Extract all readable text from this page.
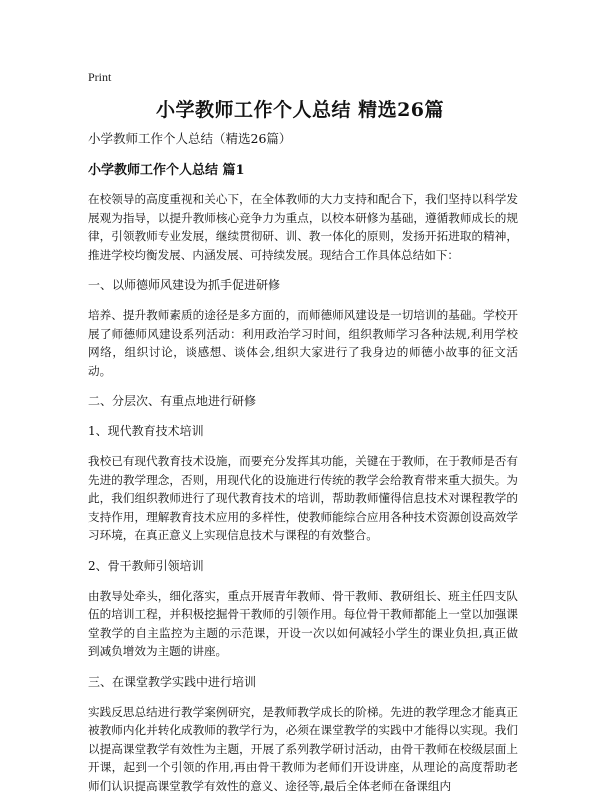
Print
小学教师工作个人总结 精选26篇
小学教师工作个人总结（精选26篇）
小学教师工作个人总结 篇1
在校领导的高度重视和关心下，在全体教师的大力支持和配合下，我们坚持以科学发展观为指导，以提升教师核心竞争力为重点，以校本研修为基础，遵循教师成长的规律，引领教师专业发展，继续贯彻研、训、教一体化的原则，发扬开拓进取的精神，推进学校均衡发展、内涵发展、可持续发展。现结合工作具体总结如下：
一、以师德师风建设为抓手促进研修
培养、提升教师素质的途径是多方面的，而师德师风建设是一切培训的基础。学校开展了师德师风建设系列活动：利用政治学习时间，组织教师学习各种法规,利用学校网络，组织讨论，谈感想、谈体会,组织大家进行了我身边的师德小故事的征文活动。
二、分层次、有重点地进行研修
1、现代教育技术培训
我校已有现代教育技术设施，而要充分发挥其功能，关键在于教师，在于教师是否有先进的教学理念，否则，用现代化的设施进行传统的教学会给教育带来重大损失。为此，我们组织教师进行了现代教育技术的培训，帮助教师懂得信息技术对课程教学的支持作用，理解教育技术应用的多样性，使教师能综合应用各种技术资源创设高效学习环境，在真正意义上实现信息技术与课程的有效整合。
2、骨干教师引领培训
由教导处牵头，细化落实，重点开展青年教师、骨干教师、教研组长、班主任四支队伍的培训工程，并积极挖掘骨干教师的引领作用。每位骨干教师都能上一堂以加强课堂教学的自主监控为主题的示范课，开设一次以如何减轻小学生的课业负担,真正做到减负增效为主题的讲座。
三、在课堂教学实践中进行培训
实践反思总结进行教学案例研究，是教师教学成长的阶梯。先进的教学理念才能真正被教师内化并转化成教师的教学行为，必须在课堂教学的实践中才能得以实现。我们以提高课堂教学有效性为主题，开展了系列教学研讨活动，由骨干教师在校级层面上开课，起到一个引领的作用,再由骨干教师为老师们开设讲座，从理论的高度帮助老师们认识提高课堂教学有效性的意义、途径等,最后全体老师在备课组内
